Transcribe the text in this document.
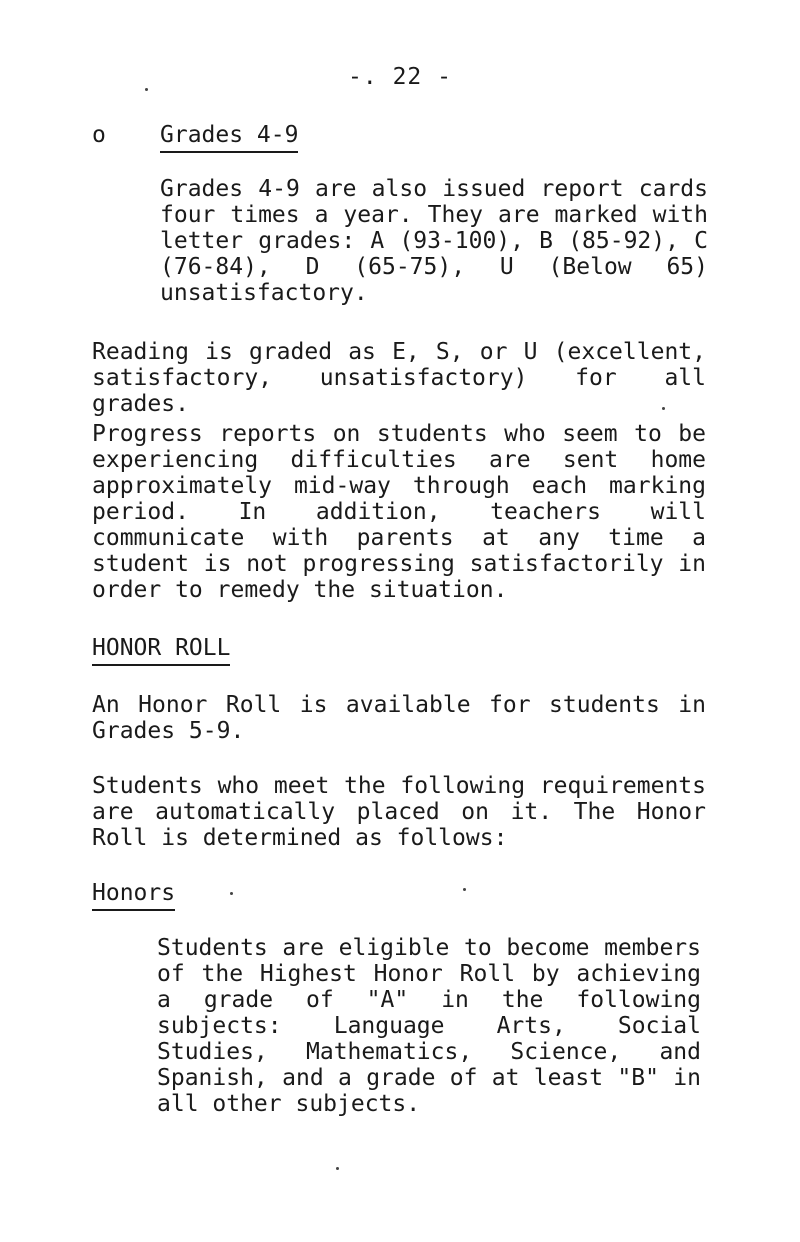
-. 22 -
o Grades 4-9
Grades 4-9 are also issued report cards four times a year. They are marked with letter grades: A (93-100), B (85-92), C (76-84), D (65-75), U (Below 65) unsatisfactory.
Reading is graded as E, S, or U (excellent, satisfactory, unsatisfactory) for all grades.
Progress reports on students who seem to be experiencing difficulties are sent home approximately mid-way through each marking period. In addition, teachers will communicate with parents at any time a student is not progressing satisfactorily in order to remedy the situation.
HONOR ROLL
An Honor Roll is available for students in Grades 5-9.
Students who meet the following requirements are automatically placed on it. The Honor Roll is determined as follows:
Honors
Students are eligible to become members of the Highest Honor Roll by achieving a grade of "A" in the following subjects: Language Arts, Social Studies, Mathematics, Science, and Spanish, and a grade of at least "B" in all other subjects.
